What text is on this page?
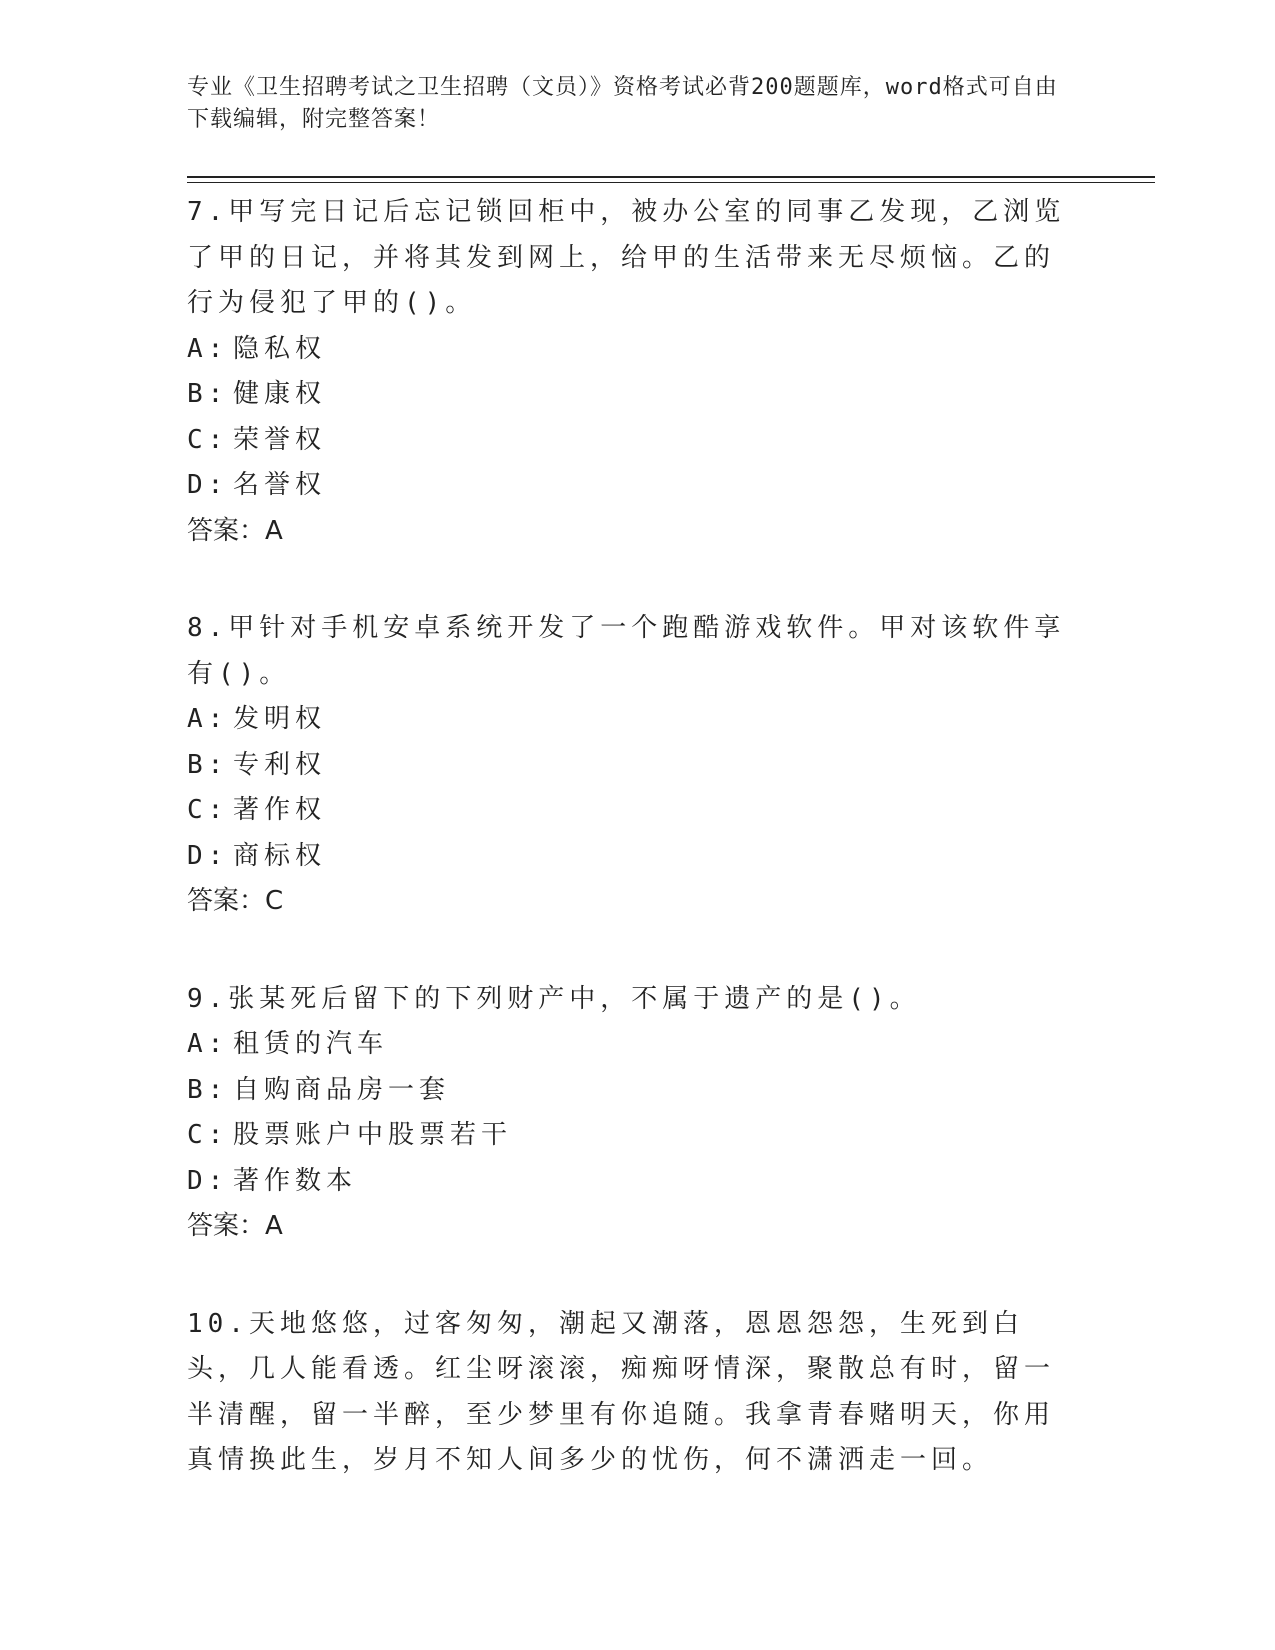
专业《卫生招聘考试之卫生招聘（文员）》资格考试必背200题题库，word格式可自由下载编辑，附完整答案！

7.甲写完日记后忘记锁回柜中，被办公室的同事乙发现，乙浏览了甲的日记，并将其发到网上，给甲的生活带来无尽烦恼。乙的行为侵犯了甲的()。

A: 隐私权
B: 健康权
C: 荣誉权
D: 名誉权
答案：A

8.甲针对手机安卓系统开发了一个跑酷游戏软件。甲对该软件享有()。

A: 发明权
B: 专利权
C: 著作权
D: 商标权
答案：C

9.张某死后留下的下列财产中，不属于遗产的是()。

A: 租赁的汽车
B: 自购商品房一套
C: 股票账户中股票若干
D: 著作数本
答案：A

10.天地悠悠，过客匆匆，潮起又潮落，恩恩怨怨，生死到白头，几人能看透。红尘呀滚滚，痴痴呀情深，聚散总有时，留一半清醒，留一半醉，至少梦里有你追随。我拿青春赌明天，你用真情换此生，岁月不知人间多少的忧伤，何不潇洒走一回。
